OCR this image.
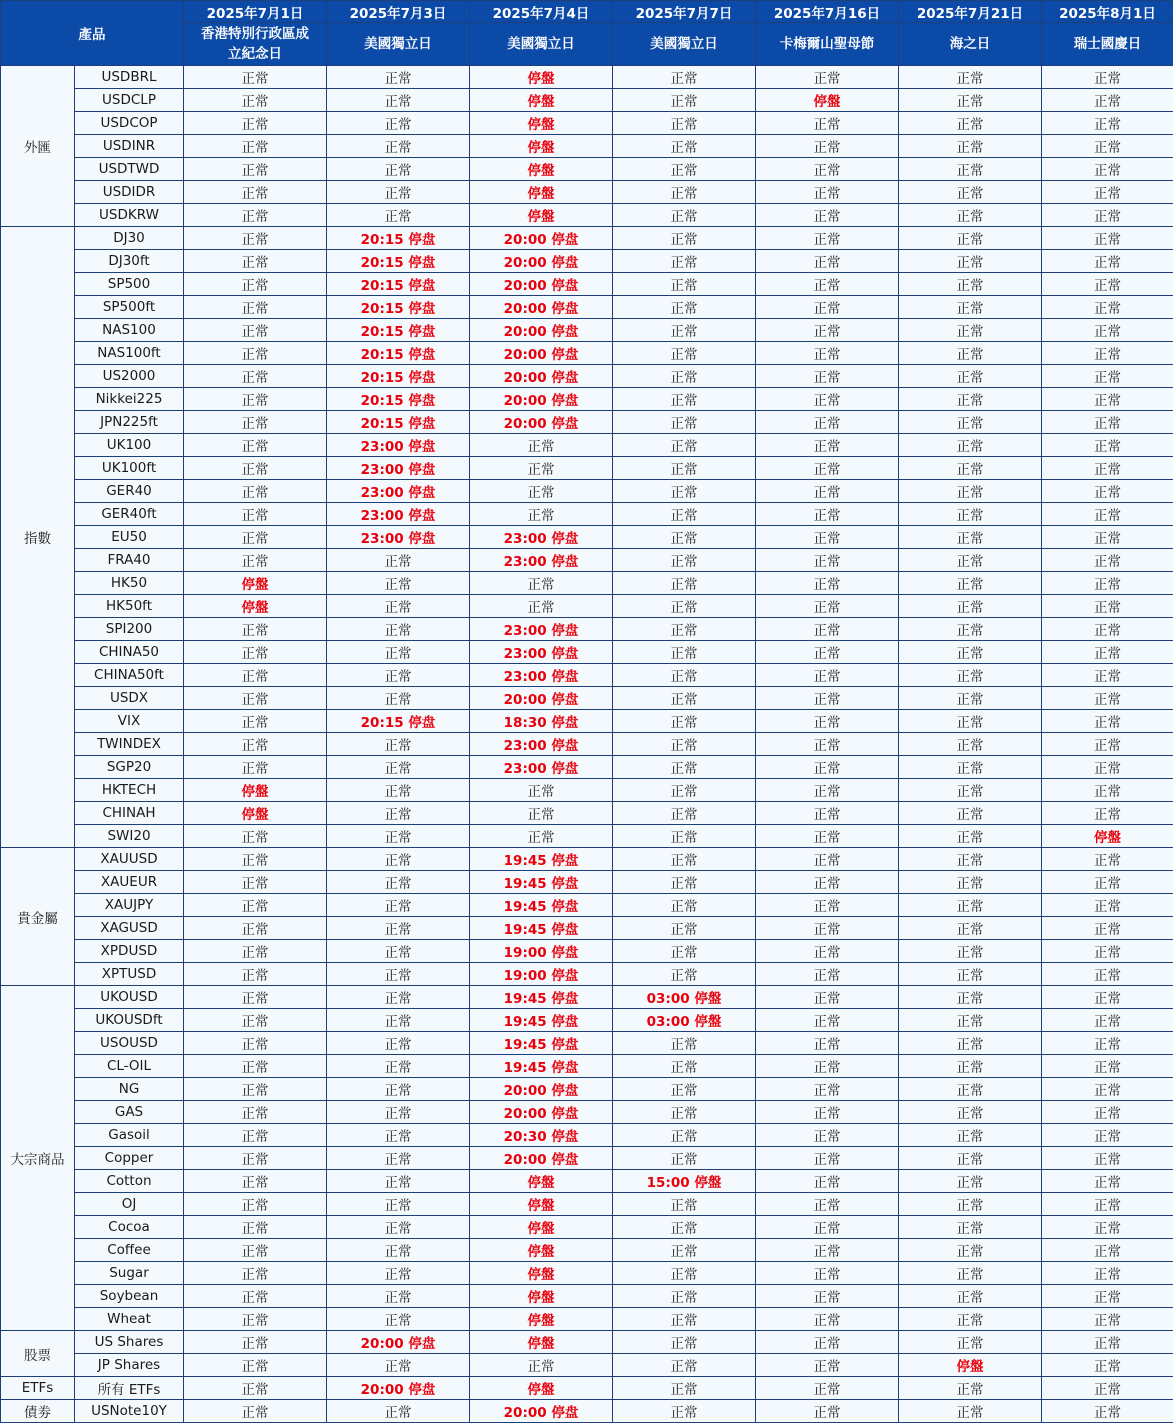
產品		2025年7月1日	2025年7月3日	2025年7月4日	2025年7月7日	2025年7月16日	2025年7月21日	2025年8月1日
		香港特別行政區成立紀念日	美國獨立日	美國獨立日	美國獨立日	卡梅爾山聖母節	海之日	瑞士國慶日
外匯	USDBRL	正常	正常	停盤	正常	正常	正常	正常
	USDCLP	正常	正常	停盤	正常	停盤	正常	正常
	USDCOP	正常	正常	停盤	正常	正常	正常	正常
	USDINR	正常	正常	停盤	正常	正常	正常	正常
	USDTWD	正常	正常	停盤	正常	正常	正常	正常
	USDIDR	正常	正常	停盤	正常	正常	正常	正常
	USDKRW	正常	正常	停盤	正常	正常	正常	正常
指數	DJ30	正常	20:15 停盘	20:00 停盘	正常	正常	正常	正常
	DJ30ft	正常	20:15 停盘	20:00 停盘	正常	正常	正常	正常
	SP500	正常	20:15 停盘	20:00 停盘	正常	正常	正常	正常
	SP500ft	正常	20:15 停盘	20:00 停盘	正常	正常	正常	正常
	NAS100	正常	20:15 停盘	20:00 停盘	正常	正常	正常	正常
	NAS100ft	正常	20:15 停盘	20:00 停盘	正常	正常	正常	正常
	US2000	正常	20:15 停盘	20:00 停盘	正常	正常	正常	正常
	Nikkei225	正常	20:15 停盘	20:00 停盘	正常	正常	正常	正常
	JPN225ft	正常	20:15 停盘	20:00 停盘	正常	正常	正常	正常
	UK100	正常	23:00 停盘	正常	正常	正常	正常	正常
	UK100ft	正常	23:00 停盘	正常	正常	正常	正常	正常
	GER40	正常	23:00 停盘	正常	正常	正常	正常	正常
	GER40ft	正常	23:00 停盘	正常	正常	正常	正常	正常
	EU50	正常	23:00 停盘	23:00 停盘	正常	正常	正常	正常
	FRA40	正常	正常	23:00 停盘	正常	正常	正常	正常
	HK50	停盤	正常	正常	正常	正常	正常	正常
	HK50ft	停盤	正常	正常	正常	正常	正常	正常
	SPI200	正常	正常	23:00 停盘	正常	正常	正常	正常
	CHINA50	正常	正常	23:00 停盘	正常	正常	正常	正常
	CHINA50ft	正常	正常	23:00 停盘	正常	正常	正常	正常
	USDX	正常	正常	20:00 停盘	正常	正常	正常	正常
	VIX	正常	20:15 停盘	18:30 停盘	正常	正常	正常	正常
	TWINDEX	正常	正常	23:00 停盘	正常	正常	正常	正常
	SGP20	正常	正常	23:00 停盘	正常	正常	正常	正常
	HKTECH	停盤	正常	正常	正常	正常	正常	正常
	CHINAH	停盤	正常	正常	正常	正常	正常	正常
	SWI20	正常	正常	正常	正常	正常	正常	停盤
貴金屬	XAUUSD	正常	正常	19:45 停盘	正常	正常	正常	正常
	XAUEUR	正常	正常	19:45 停盘	正常	正常	正常	正常
	XAUJPY	正常	正常	19:45 停盘	正常	正常	正常	正常
	XAGUSD	正常	正常	19:45 停盘	正常	正常	正常	正常
	XPDUSD	正常	正常	19:00 停盘	正常	正常	正常	正常
	XPTUSD	正常	正常	19:00 停盘	正常	正常	正常	正常
大宗商品	UKOUSD	正常	正常	19:45 停盘	03:00 停盤	正常	正常	正常
	UKOUSDft	正常	正常	19:45 停盘	03:00 停盤	正常	正常	正常
	USOUSD	正常	正常	19:45 停盘	正常	正常	正常	正常
	CL-OIL	正常	正常	19:45 停盘	正常	正常	正常	正常
	NG	正常	正常	20:00 停盘	正常	正常	正常	正常
	GAS	正常	正常	20:00 停盘	正常	正常	正常	正常
	Gasoil	正常	正常	20:30 停盘	正常	正常	正常	正常
	Copper	正常	正常	20:00 停盘	正常	正常	正常	正常
	Cotton	正常	正常	停盤	15:00 停盤	正常	正常	正常
	OJ	正常	正常	停盤	正常	正常	正常	正常
	Cocoa	正常	正常	停盤	正常	正常	正常	正常
	Coffee	正常	正常	停盤	正常	正常	正常	正常
	Sugar	正常	正常	停盤	正常	正常	正常	正常
	Soybean	正常	正常	停盤	正常	正常	正常	正常
	Wheat	正常	正常	停盤	正常	正常	正常	正常
股票	US Shares	正常	20:00 停盘	停盤	正常	正常	正常	正常
	JP Shares	正常	正常	正常	正常	正常	停盤	正常
ETFs	所有 ETFs	正常	20:00 停盘	停盤	正常	正常	正常	正常
債劵	USNote10Y	正常	正常	20:00 停盘	正常	正常	正常	正常
